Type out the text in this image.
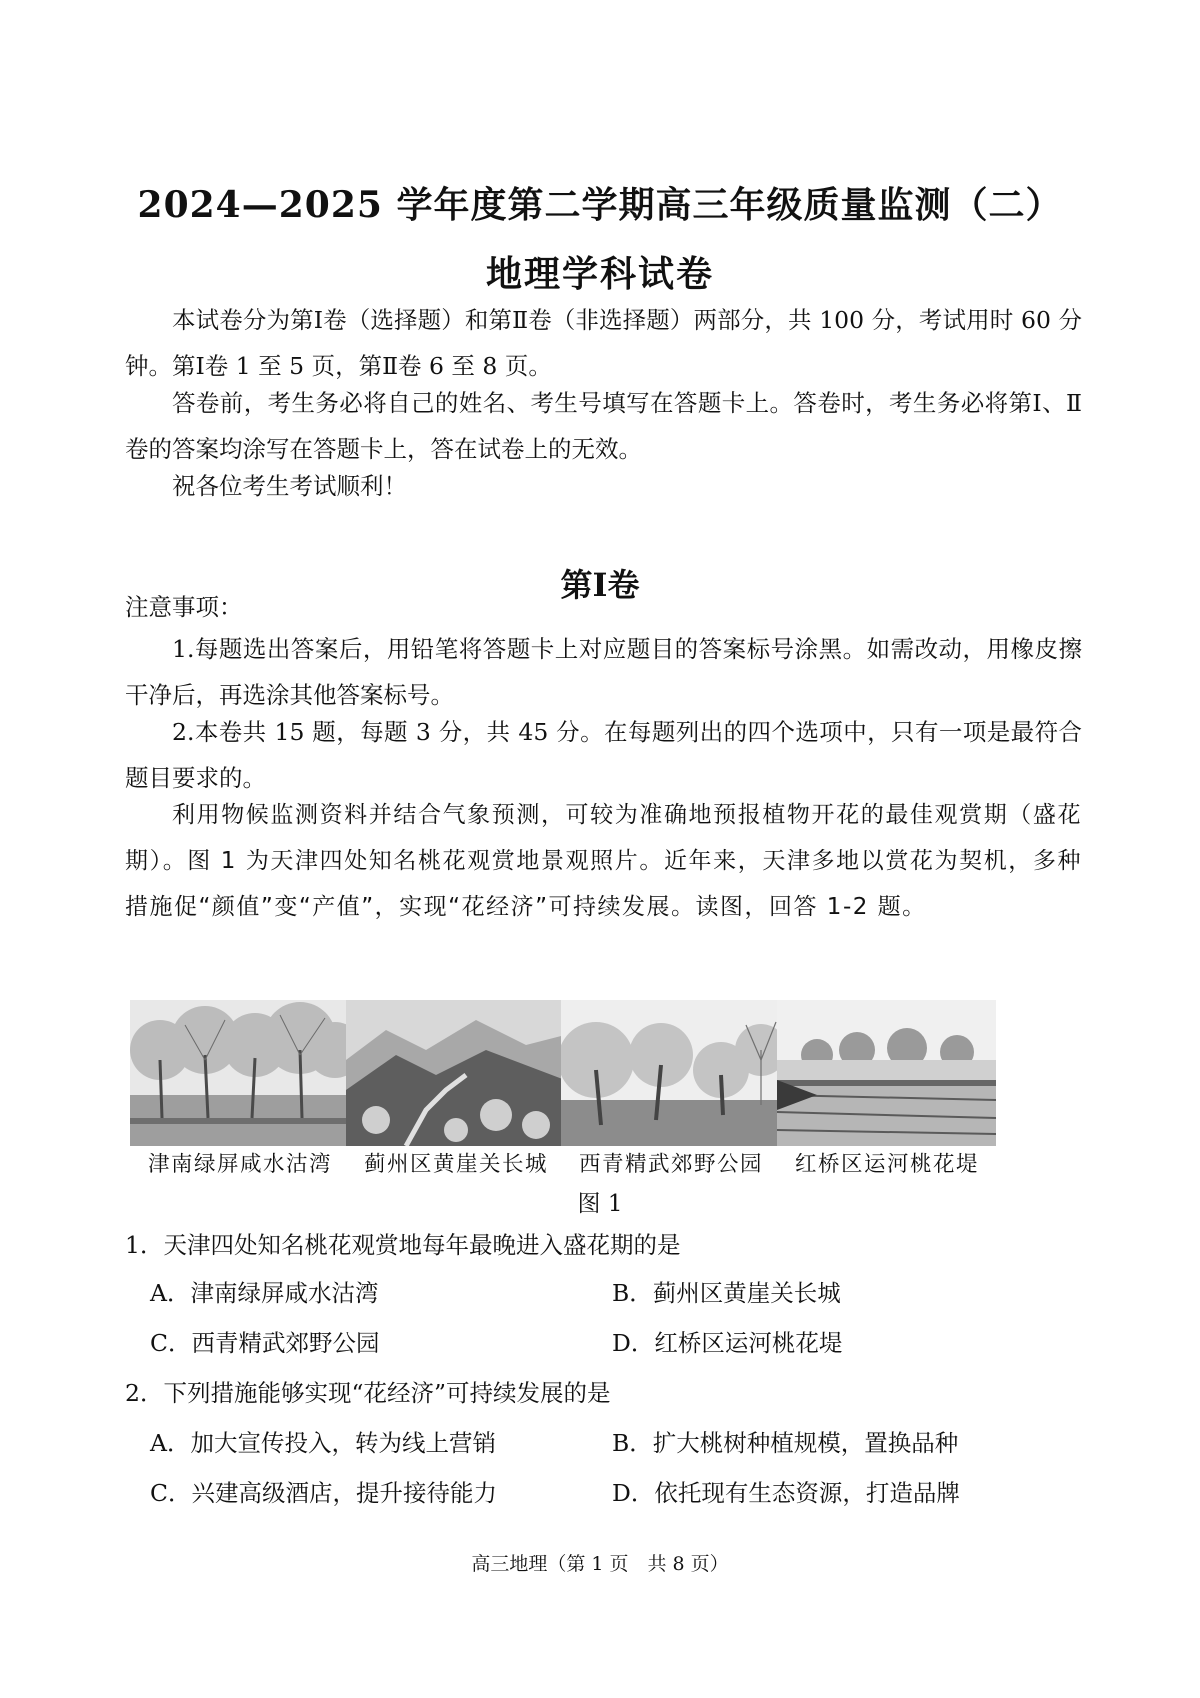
2024—2025 学年度第二学期高三年级质量监测（二）
地理学科试卷
本试卷分为第Ⅰ卷（选择题）和第Ⅱ卷（非选择题）两部分，共 100 分，考试用时 60 分钟。第Ⅰ卷 1 至 5 页，第Ⅱ卷 6 至 8 页。
答卷前，考生务必将自己的姓名、考生号填写在答题卡上。答卷时，考生务必将第Ⅰ、Ⅱ卷的答案均涂写在答题卡上，答在试卷上的无效。
祝各位考生考试顺利！
第Ⅰ卷
注意事项：
1.每题选出答案后，用铅笔将答题卡上对应题目的答案标号涂黑。如需改动，用橡皮擦干净后，再选涂其他答案标号。
2.本卷共 15 题，每题 3 分，共 45 分。在每题列出的四个选项中，只有一项是最符合题目要求的。
利用物候监测资料并结合气象预测，可较为准确地预报植物开花的最佳观赏期（盛花期）。图 1 为天津四处知名桃花观赏地景观照片。近年来，天津多地以赏花为契机，多种措施促“颜值”变“产值”，实现“花经济”可持续发展。读图，回答 1-2 题。
津南绿屏咸水沽湾	蓟州区黄崖关长城	西青精武郊野公园	红桥区运河桃花堤
图 1
1．天津四处知名桃花观赏地每年最晚进入盛花期的是
A．津南绿屏咸水沽湾	B．蓟州区黄崖关长城
C．西青精武郊野公园	D．红桥区运河桃花堤
2．下列措施能够实现“花经济”可持续发展的是
A．加大宣传投入，转为线上营销	B．扩大桃树种植规模，置换品种
C．兴建高级酒店，提升接待能力	D．依托现有生态资源，打造品牌
高三地理（第 1 页　共 8 页）
